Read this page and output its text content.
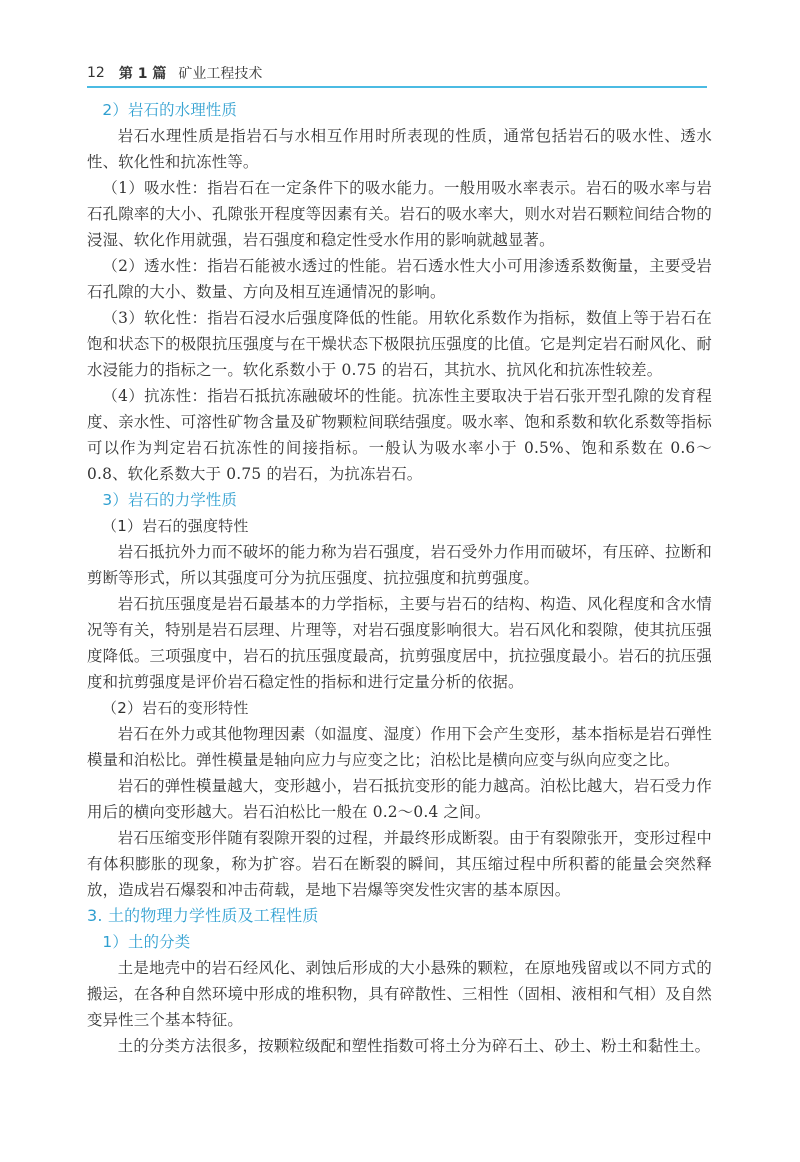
12 第 1 篇 矿业工程技术
2）岩石的水理性质

岩石水理性质是指岩石与水相互作用时所表现的性质，通常包括岩石的吸水性、透水性、软化性和抗冻性等。

（1）吸水性：指岩石在一定条件下的吸水能力。一般用吸水率表示。岩石的吸水率与岩石孔隙率的大小、孔隙张开程度等因素有关。岩石的吸水率大，则水对岩石颗粒间结合物的浸湿、软化作用就强，岩石强度和稳定性受水作用的影响就越显著。

（2）透水性：指岩石能被水透过的性能。岩石透水性大小可用渗透系数衡量，主要受岩石孔隙的大小、数量、方向及相互连通情况的影响。

（3）软化性：指岩石浸水后强度降低的性能。用软化系数作为指标，数值上等于岩石在饱和状态下的极限抗压强度与在干燥状态下极限抗压强度的比值。它是判定岩石耐风化、耐水浸能力的指标之一。软化系数小于 0.75 的岩石，其抗水、抗风化和抗冻性较差。

（4）抗冻性：指岩石抵抗冻融破坏的性能。抗冻性主要取决于岩石张开型孔隙的发育程度、亲水性、可溶性矿物含量及矿物颗粒间联结强度。吸水率、饱和系数和软化系数等指标可以作为判定岩石抗冻性的间接指标。一般认为吸水率小于 0.5%、饱和系数在 0.6～0.8、软化系数大于 0.75 的岩石，为抗冻岩石。

3）岩石的力学性质
（1）岩石的强度特性

岩石抵抗外力而不破坏的能力称为岩石强度，岩石受外力作用而破坏，有压碎、拉断和剪断等形式，所以其强度可分为抗压强度、抗拉强度和抗剪强度。

岩石抗压强度是岩石最基本的力学指标，主要与岩石的结构、构造、风化程度和含水情况等有关，特别是岩石层理、片理等，对岩石强度影响很大。岩石风化和裂隙，使其抗压强度降低。三项强度中，岩石的抗压强度最高，抗剪强度居中，抗拉强度最小。岩石的抗压强度和抗剪强度是评价岩石稳定性的指标和进行定量分析的依据。

（2）岩石的变形特性

岩石在外力或其他物理因素（如温度、湿度）作用下会产生变形，基本指标是岩石弹性模量和泊松比。弹性模量是轴向应力与应变之比；泊松比是横向应变与纵向应变之比。

岩石的弹性模量越大，变形越小，岩石抵抗变形的能力越高。泊松比越大，岩石受力作用后的横向变形越大。岩石泊松比一般在 0.2～0.4 之间。

岩石压缩变形伴随有裂隙开裂的过程，并最终形成断裂。由于有裂隙张开，变形过程中有体积膨胀的现象，称为扩容。岩石在断裂的瞬间，其压缩过程中所积蓄的能量会突然释放，造成岩石爆裂和冲击荷载，是地下岩爆等突发性灾害的基本原因。

3. 土的物理力学性质及工程性质
1）土的分类

土是地壳中的岩石经风化、剥蚀后形成的大小悬殊的颗粒，在原地残留或以不同方式的搬运，在各种自然环境中形成的堆积物，具有碎散性、三相性（固相、液相和气相）及自然变异性三个基本特征。

土的分类方法很多，按颗粒级配和塑性指数可将土分为碎石土、砂土、粉土和黏性土。
